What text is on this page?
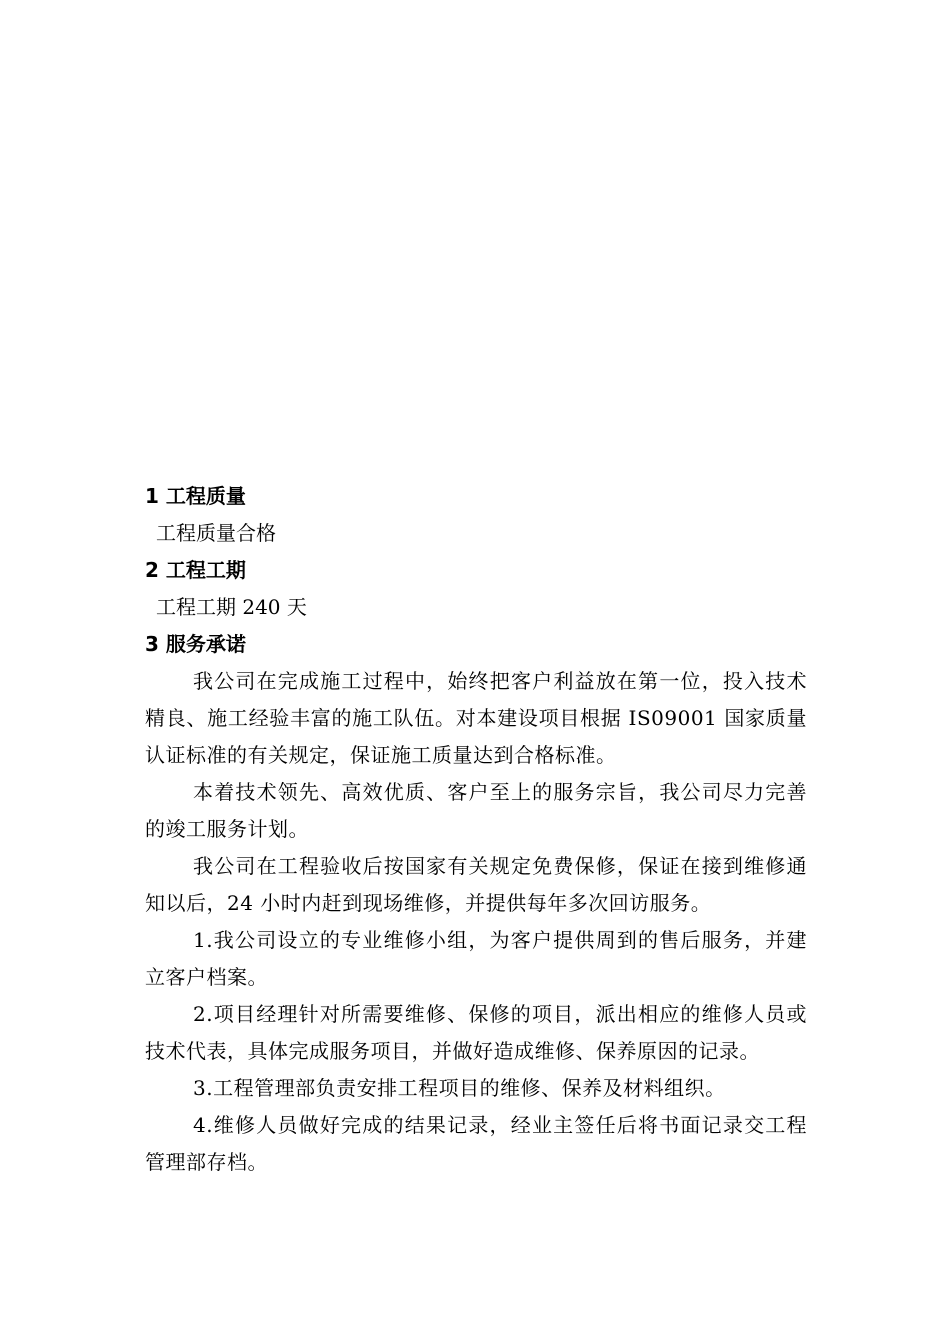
1 工程质量
工程质量合格
2 工程工期
工程工期 240 天
3 服务承诺

我公司在完成施工过程中，始终把客户利益放在第一位，投入技术精良、施工经验丰富的施工队伍。对本建设项目根据 IS09001 国家质量认证标准的有关规定，保证施工质量达到合格标准。

本着技术领先、高效优质、客户至上的服务宗旨，我公司尽力完善的竣工服务计划。

我公司在工程验收后按国家有关规定免费保修，保证在接到维修通知以后，24 小时内赶到现场维修，并提供每年多次回访服务。

1.我公司设立的专业维修小组，为客户提供周到的售后服务，并建立客户档案。

2.项目经理针对所需要维修、保修的项目，派出相应的维修人员或技术代表，具体完成服务项目，并做好造成维修、保养原因的记录。

3.工程管理部负责安排工程项目的维修、保养及材料组织。

4.维修人员做好完成的结果记录，经业主签任后将书面记录交工程管理部存档。
